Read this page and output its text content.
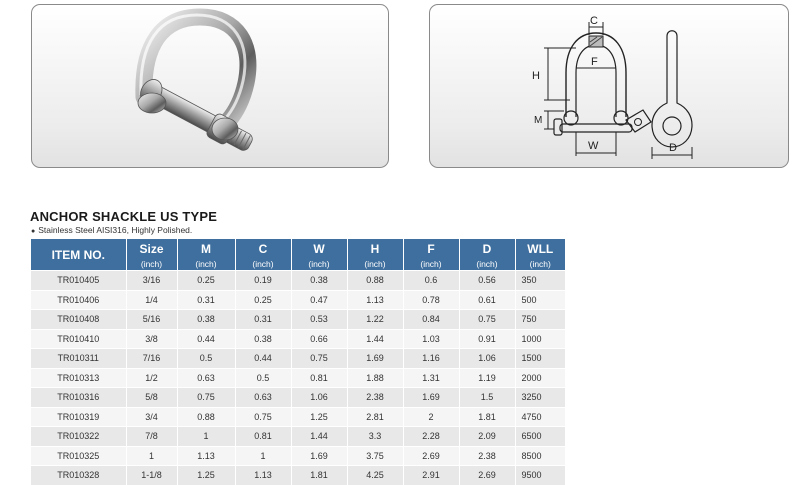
C
F
H
M
W	D
ANCHOR SHACKLE US TYPE
● Stainless Steel AISI316, Highly Polished.
ITEM NO.	Size	M	C	W	H	F	D	WLL
	(inch)	(inch)	(inch)	(inch)	(inch)	(inch)	(inch)	(inch)
TR010405	3/16	0.25	0.19	0.38	0.88	0.6	0.56	350
TR010406	1/4	0.31	0.25	0.47	1.13	0.78	0.61	500
TR010408	5/16	0.38	0.31	0.53	1.22	0.84	0.75	750
TR010410	3/8	0.44	0.38	0.66	1.44	1.03	0.91	1000
TR010311	7/16	0.5	0.44	0.75	1.69	1.16	1.06	1500
TR010313	1/2	0.63	0.5	0.81	1.88	1.31	1.19	2000
TR010316	5/8	0.75	0.63	1.06	2.38	1.69	1.5	3250
TR010319	3/4	0.88	0.75	1.25	2.81	2	1.81	4750
TR010322	7/8	1	0.81	1.44	3.3	2.28	2.09	6500
TR010325	1	1.13	1	1.69	3.75	2.69	2.38	8500
TR010328	1-1/8	1.25	1.13	1.81	4.25	2.91	2.69	9500
